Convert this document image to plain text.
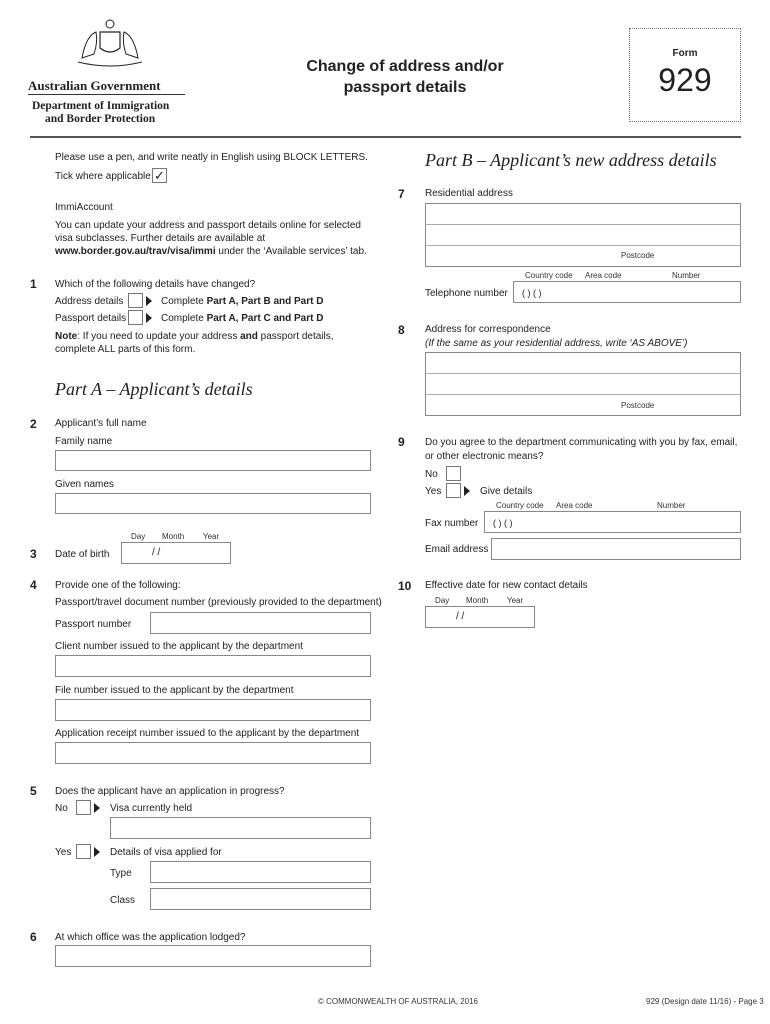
Australian Government
Department of Immigration
and Border Protection
Change of address and/or
passport details
Form
929
Please use a pen, and write neatly in English using BLOCK LETTERS.
Tick where applicable ✓
ImmiAccount
You can update your address and passport details online for selected
visa subclasses. Further details are available at
www.border.gov.au/trav/visa/immi under the ‘Available services’ tab.
1 Which of the following details have changed?
Address details	Complete Part A, Part B and Part D
Passport details	Complete Part A, Part C and Part D
Note: If you need to update your address and passport details,
complete ALL parts of this form.
Part A – Applicant’s details
2 Applicant’s full name
Family name
Given names
Day Month Year
3 Date of birth	/ /
4 Provide one of the following:
Passport/travel document number (previously provided to the department)
Passport number
Client number issued to the applicant by the department
File number issued to the applicant by the department
Application receipt number issued to the applicant by the department
5 Does the applicant have an application in progress?
No	Visa currently held
Yes	Details of visa applied for
Type
Class
6 At which office was the application lodged?
Part B – Applicant’s new address details
7 Residential address
Postcode
Country code Area code	Number
Telephone number ( ) ( )
8 Address for correspondence
(If the same as your residential address, write ‘AS ABOVE’)
Postcode
9 Do you agree to the department communicating with you by fax, email,
or other electronic means?
No
Yes	Give details
Country code Area code	Number
Fax number ( ) ( )
Email address
10 Effective date for new contact details
Day Month Year
/ /
© COMMONWEALTH OF AUSTRALIA, 2016	929 (Design date 11/16) - Page 3
